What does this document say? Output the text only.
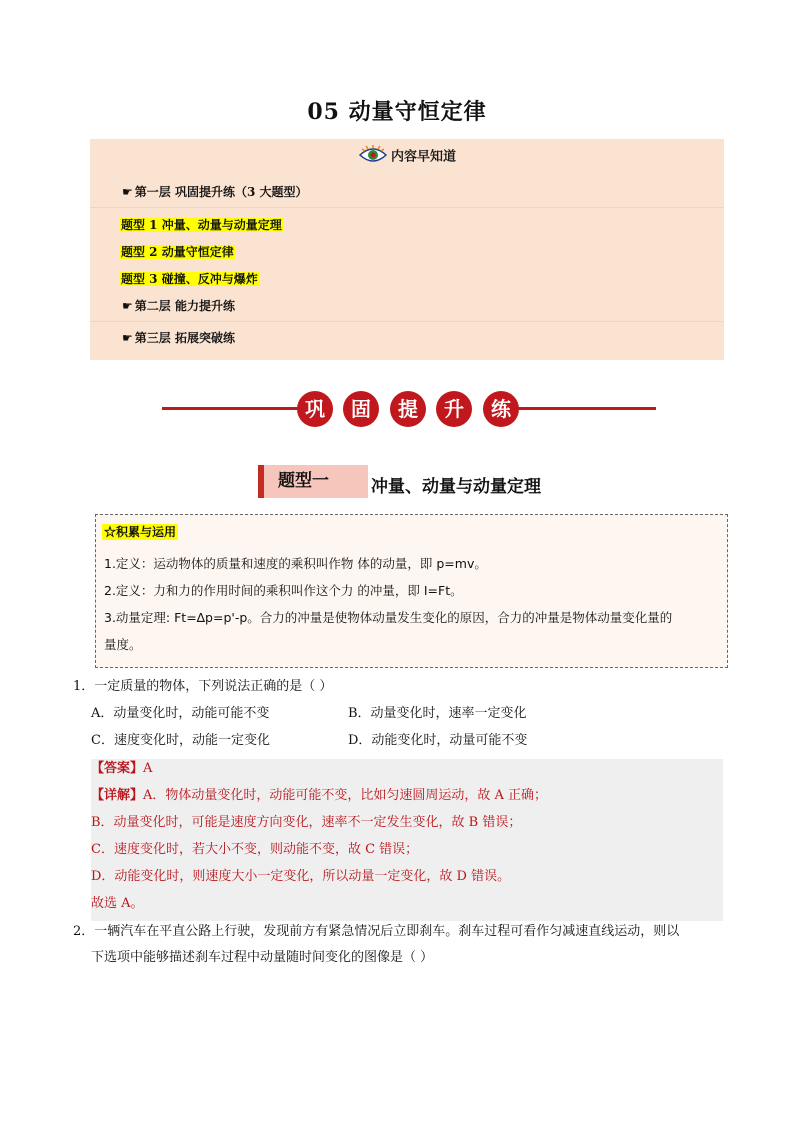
05 动量守恒定律
内容早知道
☛ 第一层 巩固提升练（3 大题型）
题型 1 冲量、动量与动量定理
题型 2 动量守恒定律
题型 3 碰撞、反冲与爆炸
☛ 第二层 能力提升练
☛ 第三层 拓展突破练
巩	固	提	升	练
题型一 冲量、动量与动量定理
☆积累与运用
1.定义：运动物体的质量和速度的乘积叫作物 体的动量，即 p=mv。
2.定义：力和力的作用时间的乘积叫作这个力 的冲量，即 I=Ft。
3.动量定理: Ft=∆p=p'-p。合力的冲量是使物体动量发生变化的原因，合力的冲量是物体动量变化量的
量度。
1．一定质量的物体，下列说法正确的是（ ）
A．动量变化时，动能可能不变	B．动量变化时，速率一定变化
C．速度变化时，动能一定变化	D．动能变化时，动量可能不变
【答案】A
【详解】A．物体动量变化时，动能可能不变，比如匀速圆周运动，故 A 正确；
B．动量变化时，可能是速度方向变化，速率不一定发生变化，故 B 错误；
C．速度变化时，若大小不变，则动能不变，故 C 错误；
D．动能变化时，则速度大小一定变化，所以动量一定变化，故 D 错误。
故选 A。
2．一辆汽车在平直公路上行驶，发现前方有紧急情况后立即刹车。刹车过程可看作匀减速直线运动，则以
下选项中能够描述刹车过程中动量随时间变化的图像是（ ）
